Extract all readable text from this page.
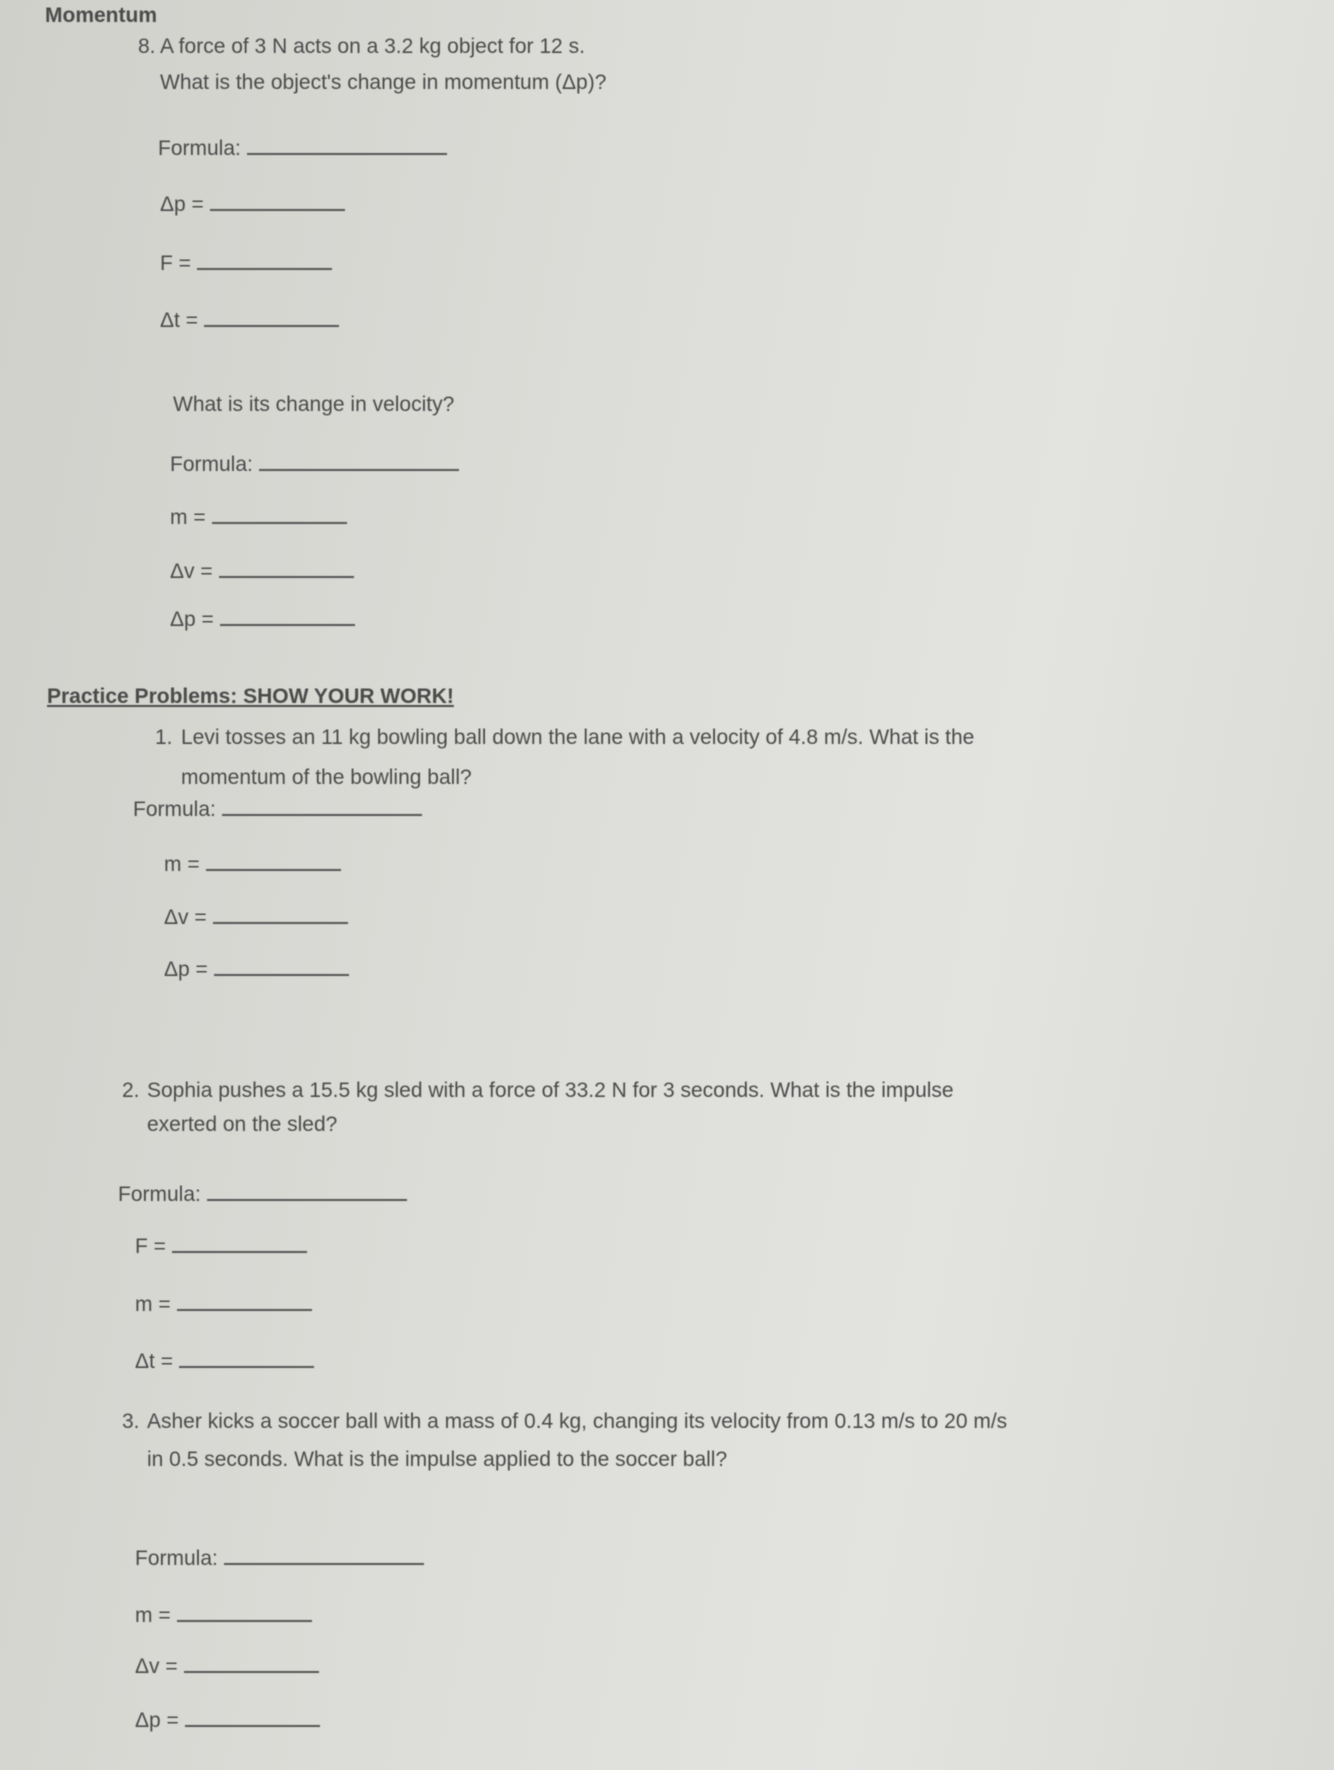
Momentum
8. A force of 3 N acts on a 3.2 kg object for 12 s.
What is the object's change in momentum (Δp)?
Formula:
Δp =
F =
Δt =
What is its change in velocity?
Formula:
m =
Δv =
Δp =
Practice Problems: SHOW YOUR WORK!
1. Levi tosses an 11 kg bowling ball down the lane with a velocity of 4.8 m/s. What is the
momentum of the bowling ball?
Formula:
m =
Δv =
Δp =
2. Sophia pushes a 15.5 kg sled with a force of 33.2 N for 3 seconds. What is the impulse
exerted on the sled?
Formula:
F =
m =
Δt =
3. Asher kicks a soccer ball with a mass of 0.4 kg, changing its velocity from 0.13 m/s to 20 m/s
in 0.5 seconds. What is the impulse applied to the soccer ball?
Formula:
m =
Δv =
Δp =
